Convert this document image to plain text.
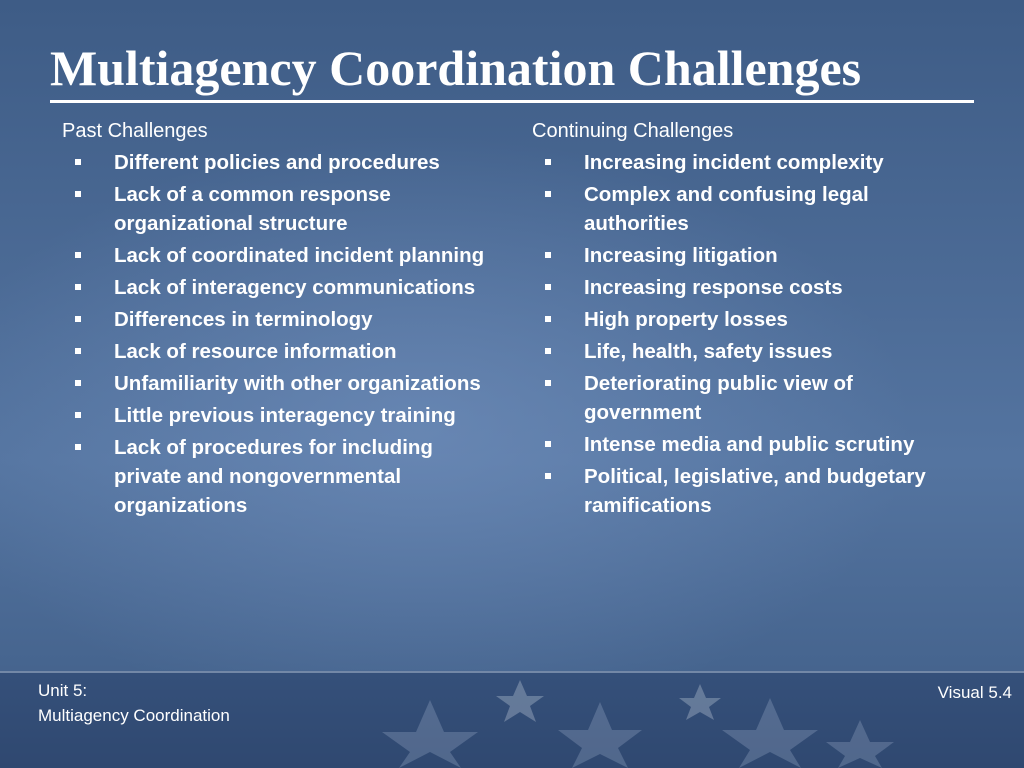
Multiagency Coordination Challenges
Past Challenges
Different policies and procedures
Lack of a common response organizational structure
Lack of coordinated incident planning
Lack of interagency communications
Differences in terminology
Lack of resource information
Unfamiliarity with other organizations
Little previous interagency training
Lack of procedures for including private and nongovernmental organizations
Continuing Challenges
Increasing incident complexity
Complex and confusing legal authorities
Increasing litigation
Increasing response costs
High property losses
Life, health, safety issues
Deteriorating public view of government
Intense media and public scrutiny
Political, legislative, and budgetary ramifications
Unit 5:
Multiagency Coordination
Visual 5.4
